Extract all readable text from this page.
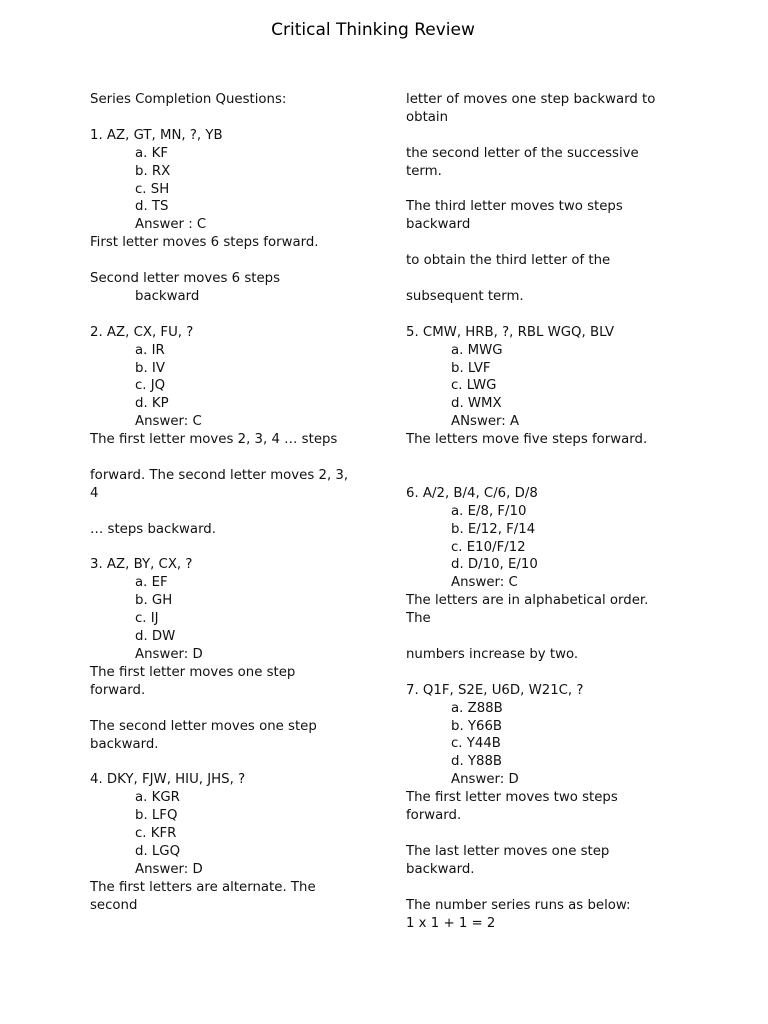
Critical Thinking Review
Series Completion Questions:
1. AZ, GT, MN, ?, YB
a. KF
b. RX
c. SH
d. TS
Answer : C
First letter moves 6 steps forward.
Second letter moves 6 steps
backward
2. AZ, CX, FU, ?
a. IR
b. IV
c. JQ
d. KP
Answer: C
The first letter moves 2, 3, 4 … steps
forward. The second letter moves 2, 3,
4
… steps backward.
3. AZ, BY, CX, ?
a. EF
b. GH
c. IJ
d. DW
Answer: D
The first letter moves one step
forward.
The second letter moves one step
backward.
4. DKY, FJW, HIU, JHS, ?
a. KGR
b. LFQ
c. KFR
d. LGQ
Answer: D
The first letters are alternate. The
second
letter of moves one step backward to
obtain
the second letter of the successive
term.
The third letter moves two steps
backward
to obtain the third letter of the
subsequent term.
5. CMW, HRB, ?, RBL WGQ, BLV
a. MWG
b. LVF
c. LWG
d. WMX
ANswer: A
The letters move five steps forward.
6. A/2, B/4, C/6, D/8
a. E/8, F/10
b. E/12, F/14
c. E10/F/12
d. D/10, E/10
Answer: C
The letters are in alphabetical order.
The
numbers increase by two.
7. Q1F, S2E, U6D, W21C, ?
a. Z88B
b. Y66B
c. Y44B
d. Y88B
Answer: D
The first letter moves two steps
forward.
The last letter moves one step
backward.
The number series runs as below:
1 x 1 + 1 = 2
